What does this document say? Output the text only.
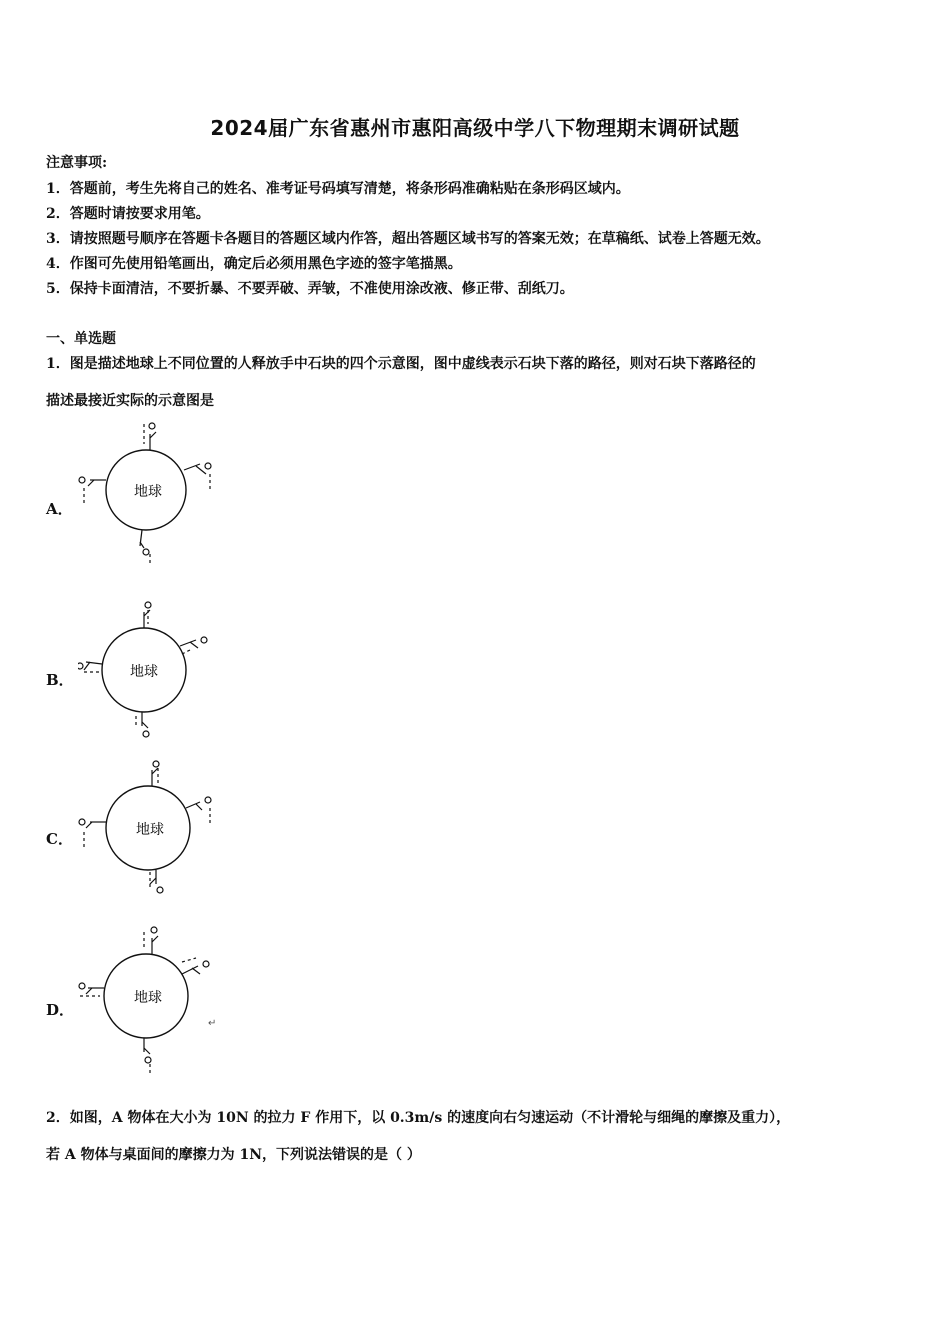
2024届广东省惠州市惠阳高级中学八下物理期末调研试题
注意事项:
1．答题前，考生先将自己的姓名、准考证号码填写清楚，将条形码准确粘贴在条形码区域内。
2．答题时请按要求用笔。
3．请按照题号顺序在答题卡各题目的答题区域内作答，超出答题区域书写的答案无效；在草稿纸、试卷上答题无效。
4．作图可先使用铅笔画出，确定后必须用黑色字迹的签字笔描黑。
5．保持卡面清洁，不要折暴、不要弄破、弄皱，不准使用涂改液、修正带、刮纸刀。
一、单选题
1．图是描述地球上不同位置的人释放手中石块的四个示意图，图中虚线表示石块下落的路径，则对石块下落路径的
描述最接近实际的示意图是
A．
地球
B．	地球
C．	地球
D．
地球
↵
2．如图，A 物体在大小为 10N 的拉力 F 作用下，以 0.3m/s 的速度向右匀速运动（不计滑轮与细绳的摩擦及重力），
若 A 物体与桌面间的摩擦力为 1N，下列说法错误的是（ ）
